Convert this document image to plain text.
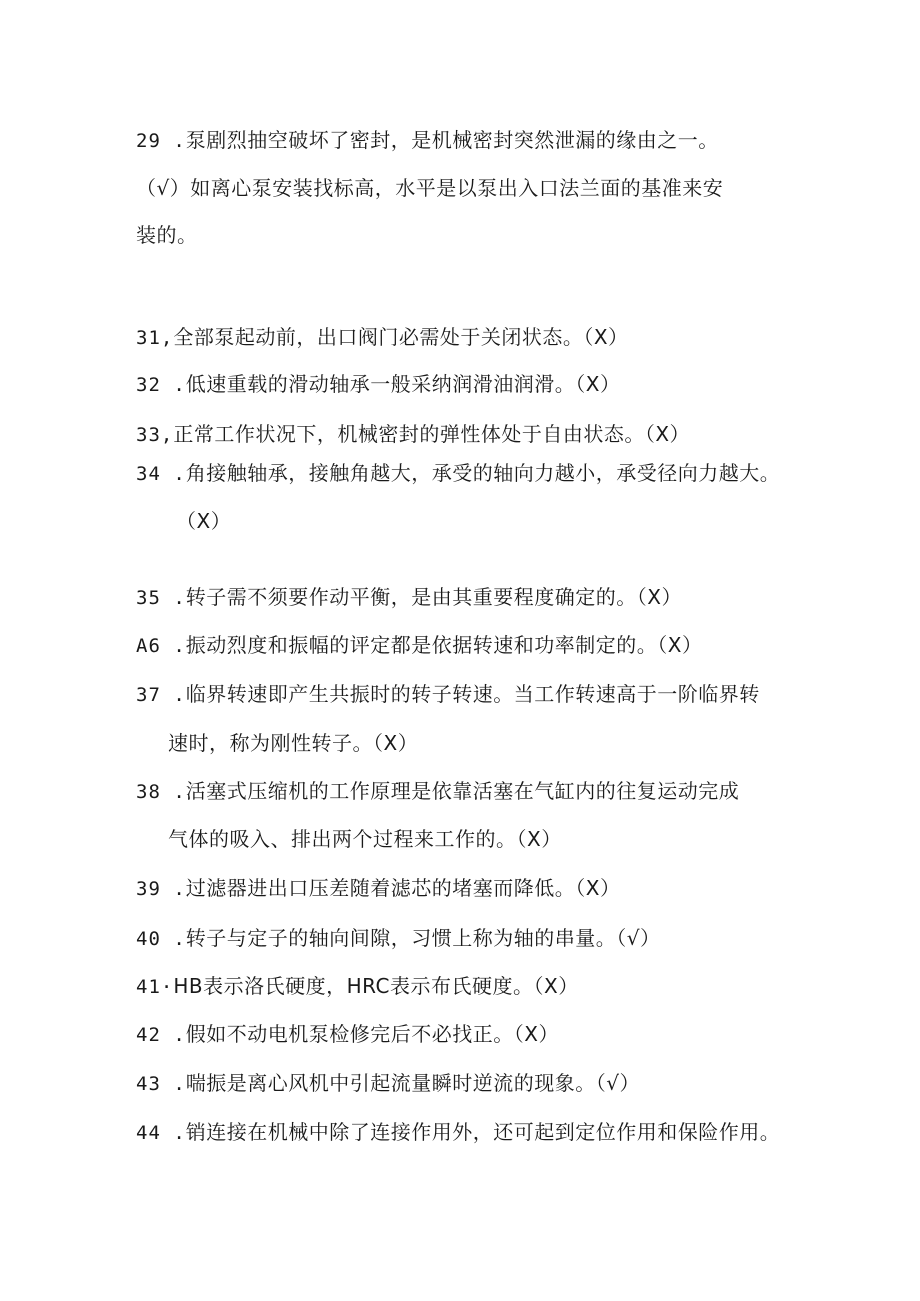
29 .泵剧烈抽空破坏了密封，是机械密封突然泄漏的缘由之一。
（√）如离心泵安装找标高，水平是以泵出入口法兰面的基准来安
装的。
31,全部泵起动前，出口阀门必需处于关闭状态。（X）
32 .低速重载的滑动轴承一般采纳润滑油润滑。（X）
33,正常工作状况下，机械密封的弹性体处于自由状态。（X）
34 .角接触轴承，接触角越大，承受的轴向力越小，承受径向力越大。
（X）
35 .转子需不须要作动平衡，是由其重要程度确定的。（X）
A6 .振动烈度和振幅的评定都是依据转速和功率制定的。（X）
37 .临界转速即产生共振时的转子转速。当工作转速高于一阶临界转
速时，称为刚性转子。（X）
38 .活塞式压缩机的工作原理是依靠活塞在气缸内的往复运动完成
气体的吸入、排出两个过程来工作的。（X）
39 .过滤器进出口压差随着滤芯的堵塞而降低。（X）
40 .转子与定子的轴向间隙，习惯上称为轴的串量。（√）
41·HB表示洛氏硬度，HRC表示布氏硬度。（X）
42 .假如不动电机泵检修完后不必找正。（X）
43 .喘振是离心风机中引起流量瞬时逆流的现象。（√）
44 .销连接在机械中除了连接作用外，还可起到定位作用和保险作用。
